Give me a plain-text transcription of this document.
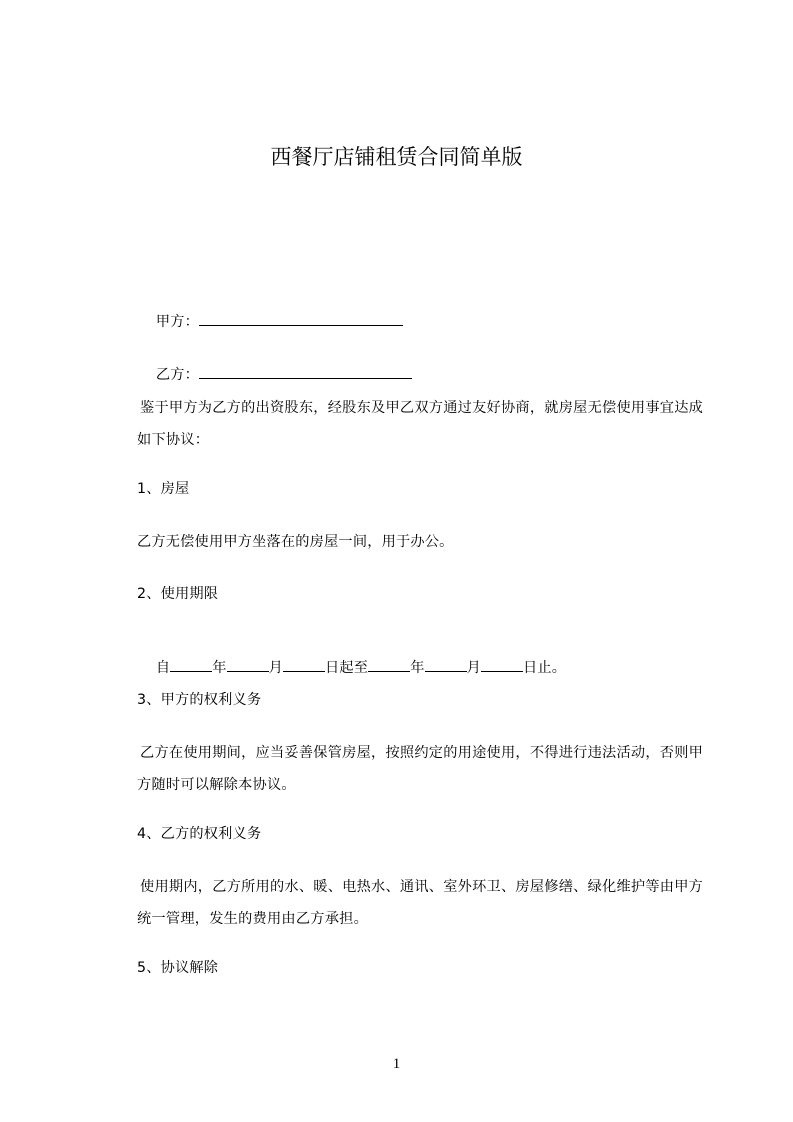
西餐厅店铺租赁合同简单版

甲方：

乙方：

鉴于甲方为乙方的出资股东，经股东及甲乙双方通过友好协商，就房屋无偿使用事宜达成如下协议：
1、房屋
乙方无偿使用甲方坐落在的房屋一间，用于办公。
2、使用期限

自	年	月	日起至	年	月	日止。

3、甲方的权利义务
乙方在使用期间，应当妥善保管房屋，按照约定的用途使用，不得进行违法活动，否则甲方随时可以解除本协议。
4、乙方的权利义务
使用期内，乙方所用的水、暖、电热水、通讯、室外环卫、房屋修缮、绿化维护等由甲方统一管理，发生的费用由乙方承担。
5、协议解除
1
